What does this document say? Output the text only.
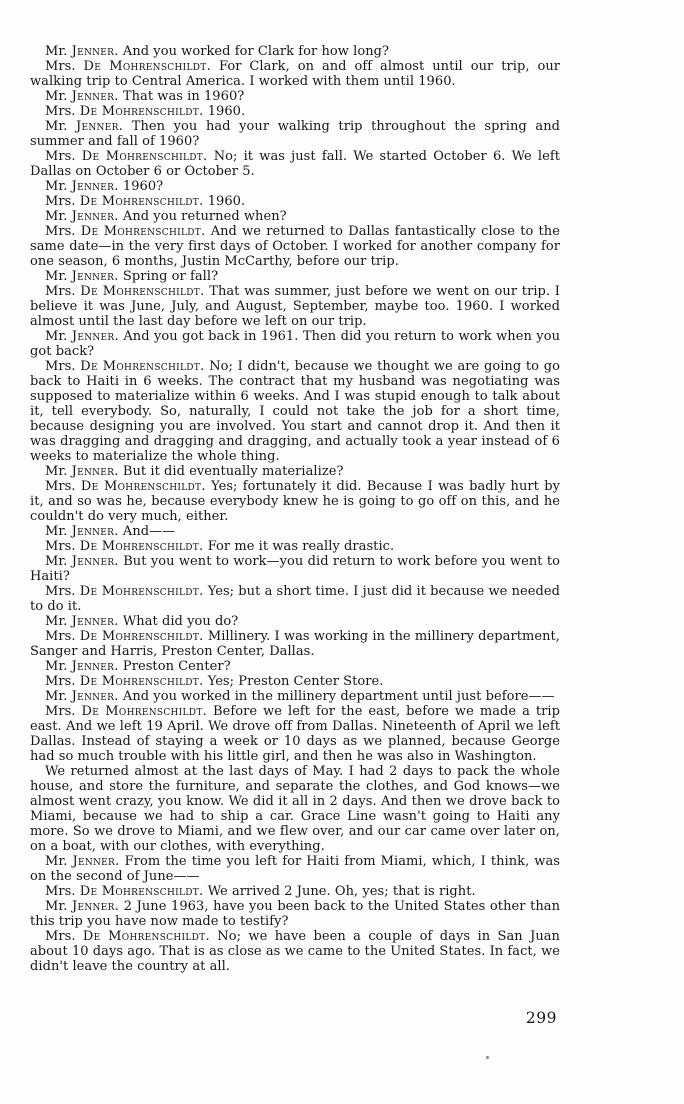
Mr. Jenner. And you worked for Clark for how long?

Mrs. De Mohrenschildt. For Clark, on and off almost until our trip, our walking trip to Central America. I worked with them until 1960.

Mr. Jenner. That was in 1960?

Mrs. De Mohrenschildt. 1960.

Mr. Jenner. Then you had your walking trip throughout the spring and summer and fall of 1960?

Mrs. De Mohrenschildt. No; it was just fall. We started October 6. We left Dallas on October 6 or October 5.

Mr. Jenner. 1960?

Mrs. De Mohrenschildt. 1960.

Mr. Jenner. And you returned when?

Mrs. De Mohrenschildt. And we returned to Dallas fantastically close to the same date—in the very first days of October. I worked for another company for one season, 6 months, Justin McCarthy, before our trip.

Mr. Jenner. Spring or fall?

Mrs. De Mohrenschildt. That was summer, just before we went on our trip. I believe it was June, July, and August, September, maybe too. 1960. I worked almost until the last day before we left on our trip.

Mr. Jenner. And you got back in 1961. Then did you return to work when you got back?

Mrs. De Mohrenschildt. No; I didn't, because we thought we are going to go back to Haiti in 6 weeks. The contract that my husband was negotiating was supposed to materialize within 6 weeks. And I was stupid enough to talk about it, tell everybody. So, naturally, I could not take the job for a short time, because designing you are involved. You start and cannot drop it. And then it was dragging and dragging and dragging, and actually took a year instead of 6 weeks to materialize the whole thing.

Mr. Jenner. But it did eventually materialize?

Mrs. De Mohrenschildt. Yes; fortunately it did. Because I was badly hurt by it, and so was he, because everybody knew he is going to go off on this, and he couldn't do very much, either.

Mr. Jenner. And——

Mrs. De Mohrenschildt. For me it was really drastic.

Mr. Jenner. But you went to work—you did return to work before you went to Haiti?

Mrs. De Mohrenschildt. Yes; but a short time. I just did it because we needed to do it.

Mr. Jenner. What did you do?

Mrs. De Mohrenschildt. Millinery. I was working in the millinery department, Sanger and Harris, Preston Center, Dallas.

Mr. Jenner. Preston Center?

Mrs. De Mohrenschildt. Yes; Preston Center Store.

Mr. Jenner. And you worked in the millinery department until just before——

Mrs. De Mohrenschildt. Before we left for the east, before we made a trip east. And we left 19 April. We drove off from Dallas. Nineteenth of April we left Dallas. Instead of staying a week or 10 days as we planned, because George had so much trouble with his little girl, and then he was also in Washington.

We returned almost at the last days of May. I had 2 days to pack the whole house, and store the furniture, and separate the clothes, and God knows—we almost went crazy, you know. We did it all in 2 days. And then we drove back to Miami, because we had to ship a car. Grace Line wasn't going to Haiti any more. So we drove to Miami, and we flew over, and our car came over later on, on a boat, with our clothes, with everything.

Mr. Jenner. From the time you left for Haiti from Miami, which, I think, was on the second of June——

Mrs. De Mohrenschildt. We arrived 2 June. Oh, yes; that is right.

Mr. Jenner. 2 June 1963, have you been back to the United States other than this trip you have now made to testify?

Mrs. De Mohrenschildt. No; we have been a couple of days in San Juan about 10 days ago. That is as close as we came to the United States. In fact, we didn't leave the country at all.

299
